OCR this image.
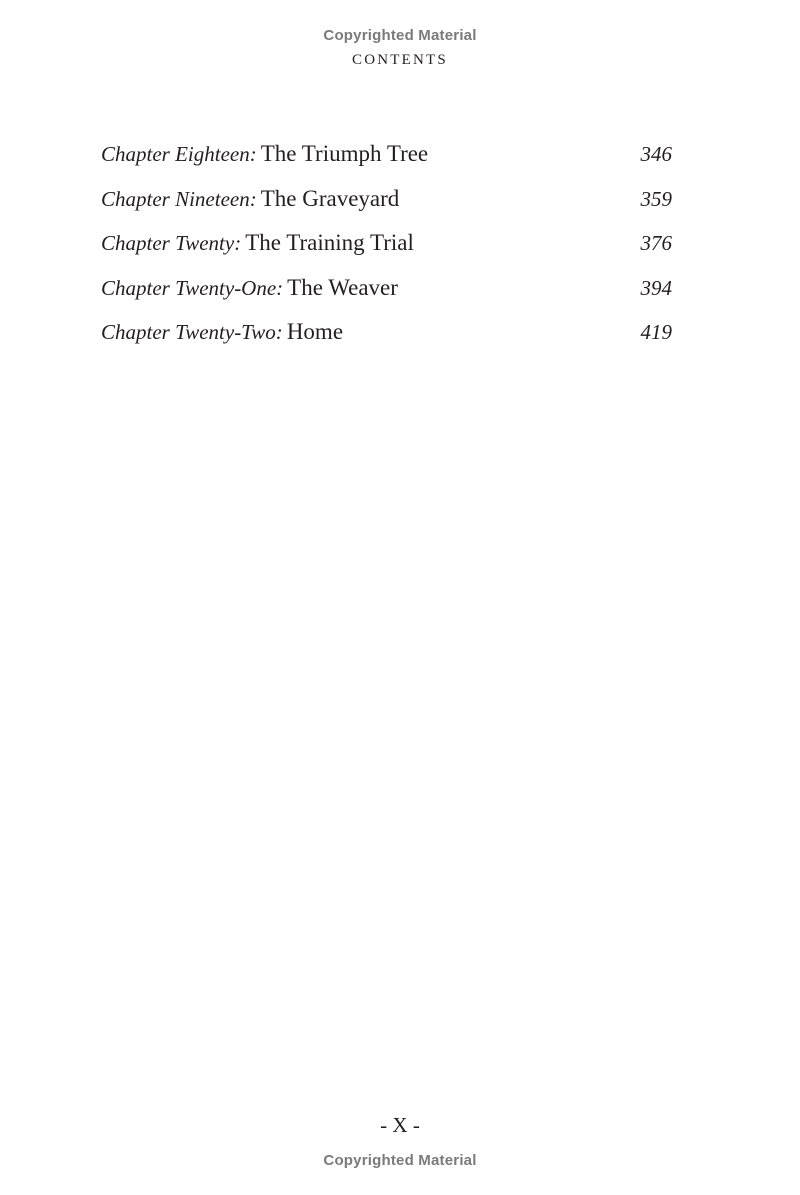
Copyrighted Material
CONTENTS
Chapter Eighteen: The Triumph Tree	346
Chapter Nineteen: The Graveyard	359
Chapter Twenty: The Training Trial	376
Chapter Twenty-One: The Weaver	394
Chapter Twenty-Two: Home	419
- X -
Copyrighted Material
